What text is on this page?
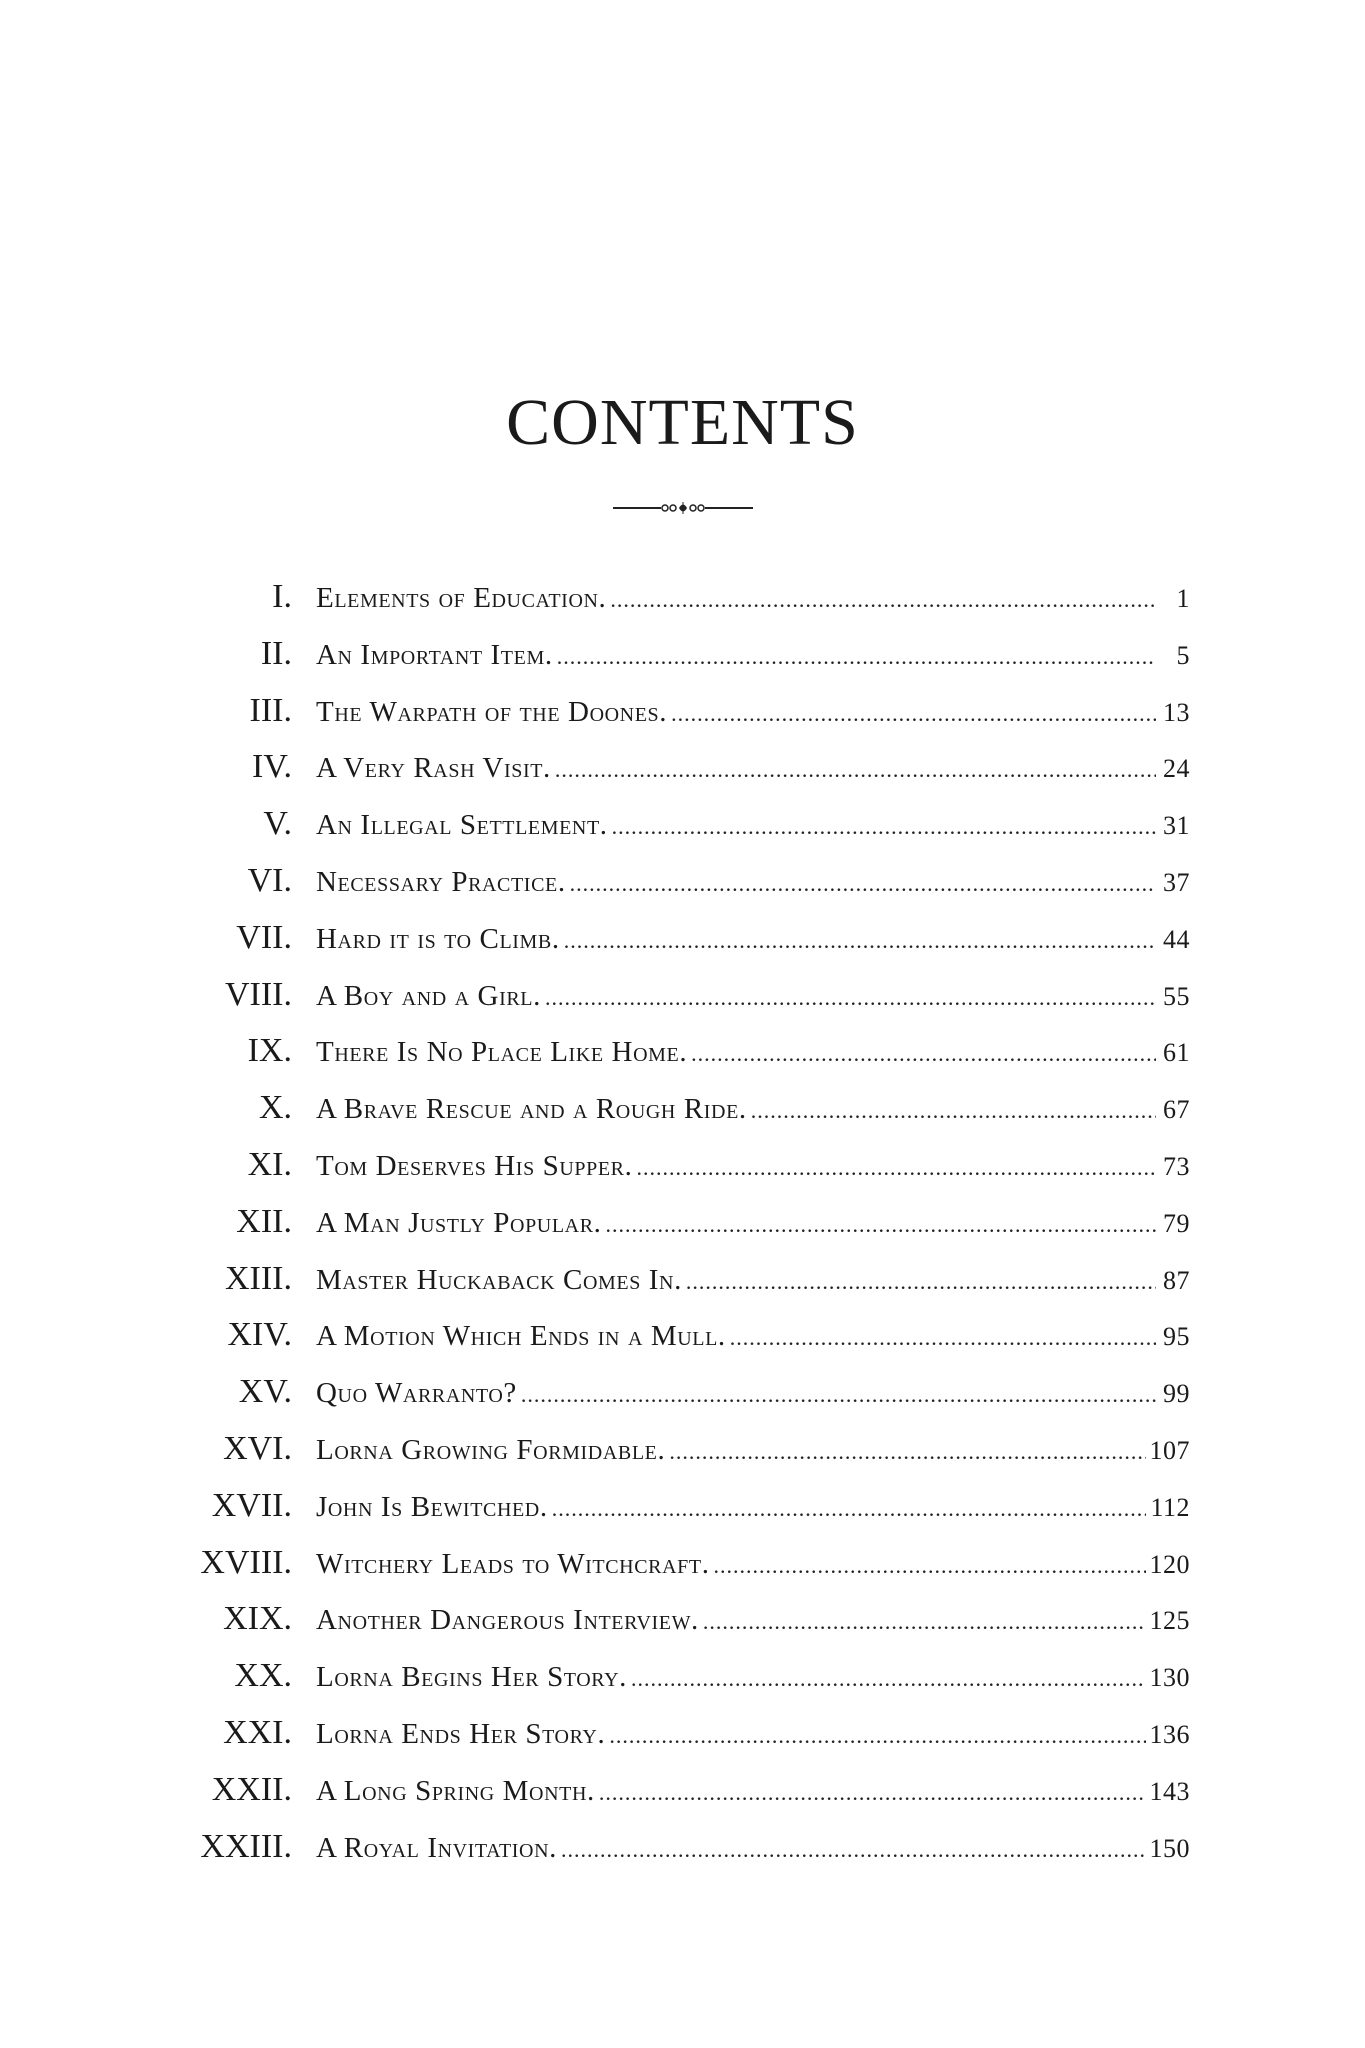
CONTENTS
I. Elements of Education. .....	1
II. An Important Item. .....	5
III. The Warpath of the Doones. .....	13
IV. A Very Rash Visit. .....	24
V. An Illegal Settlement. .....	31
VI. Necessary Practice. .....	37
VII. Hard it is to Climb. .....	44
VIII. A Boy and a Girl. .....	55
IX. There Is No Place Like Home. .....	61
X. A Brave Rescue and a Rough Ride. .....	67
XI. Tom Deserves His Supper. .....	73
XII. A Man Justly Popular. .....	79
XIII. Master Huckaback Comes In. .....	87
XIV. A Motion Which Ends in a Mull. .....	95
XV. Quo Warranto? .....	99
XVI. Lorna Growing Formidable. .....	107
XVII. John Is Bewitched. .....	112
XVIII. Witchery Leads to Witchcraft. .....	120
XIX. Another Dangerous Interview. .....	125
XX. Lorna Begins Her Story. .....	130
XXI. Lorna Ends Her Story. .....	136
XXII. A Long Spring Month. .....	143
XXIII. A Royal Invitation. .....	150
